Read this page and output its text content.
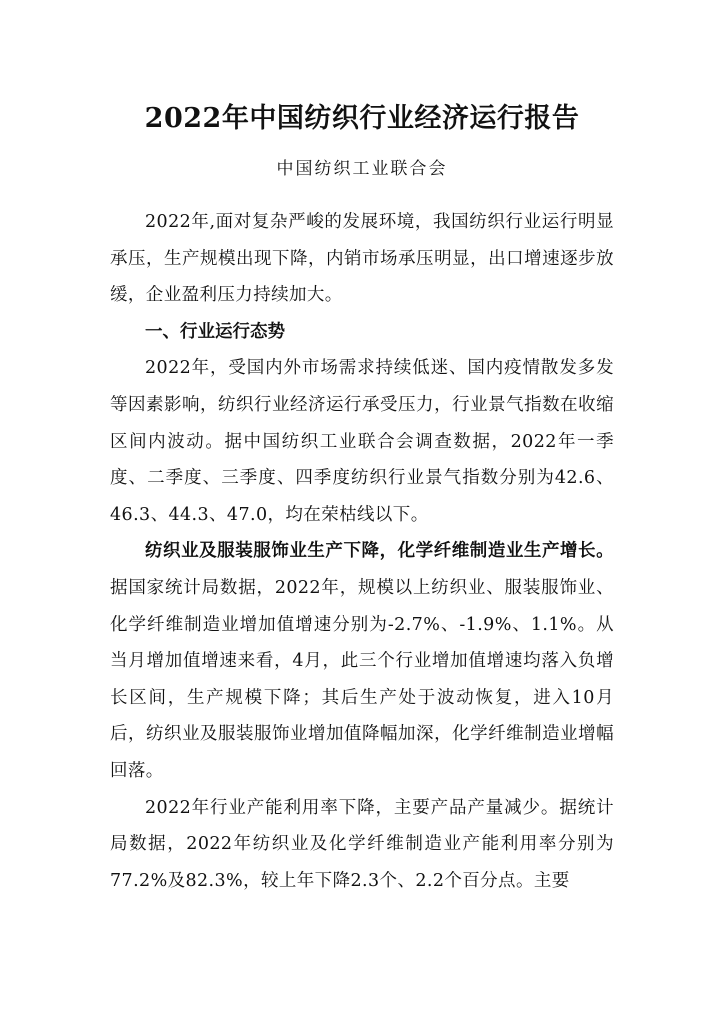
2022年中国纺织行业经济运行报告
中国纺织工业联合会

2022年,面对复杂严峻的发展环境，我国纺织行业运行明显承压，生产规模出现下降，内销市场承压明显，出口增速逐步放缓，企业盈利压力持续加大。

一、行业运行态势

2022年，受国内外市场需求持续低迷、国内疫情散发多发等因素影响，纺织行业经济运行承受压力，行业景气指数在收缩区间内波动。据中国纺织工业联合会调查数据，2022年一季度、二季度、三季度、四季度纺织行业景气指数分别为42.6、46.3、44.3、47.0，均在荣枯线以下。

纺织业及服装服饰业生产下降，化学纤维制造业生产增长。据国家统计局数据，2022年，规模以上纺织业、服装服饰业、化学纤维制造业增加值增速分别为-2.7%、-1.9%、1.1%。从当月增加值增速来看，4月，此三个行业增加值增速均落入负增长区间，生产规模下降；其后生产处于波动恢复，进入10月后，纺织业及服装服饰业增加值降幅加深，化学纤维制造业增幅回落。

2022年行业产能利用率下降，主要产品产量减少。据统计局数据，2022年纺织业及化学纤维制造业产能利用率分别为77.2%及82.3%，较上年下降2.3个、2.2个百分点。主要
